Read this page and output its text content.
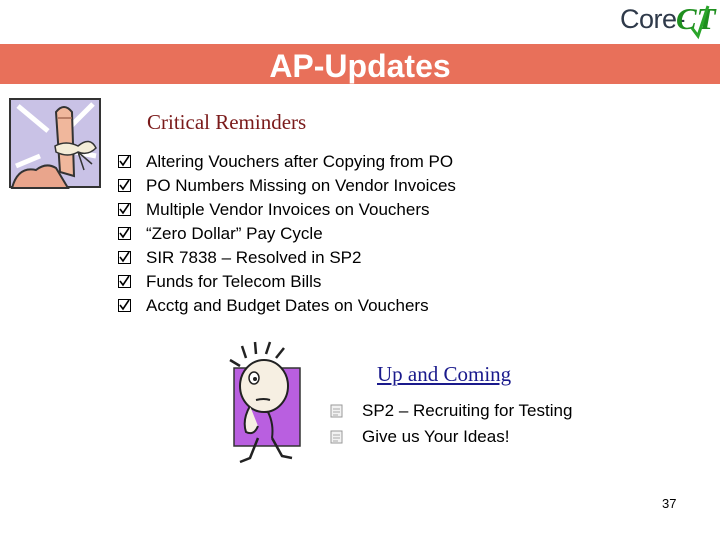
Core-
CT
AP-Updates
Critical Reminders
Altering Vouchers after Copying from PO
PO Numbers Missing on Vendor Invoices
Multiple Vendor Invoices on Vouchers
“Zero Dollar” Pay Cycle
SIR 7838 – Resolved in SP2
Funds for Telecom Bills
Acctg and Budget Dates on Vouchers
Up and Coming
SP2 – Recruiting for Testing
Give us Your Ideas!
37
